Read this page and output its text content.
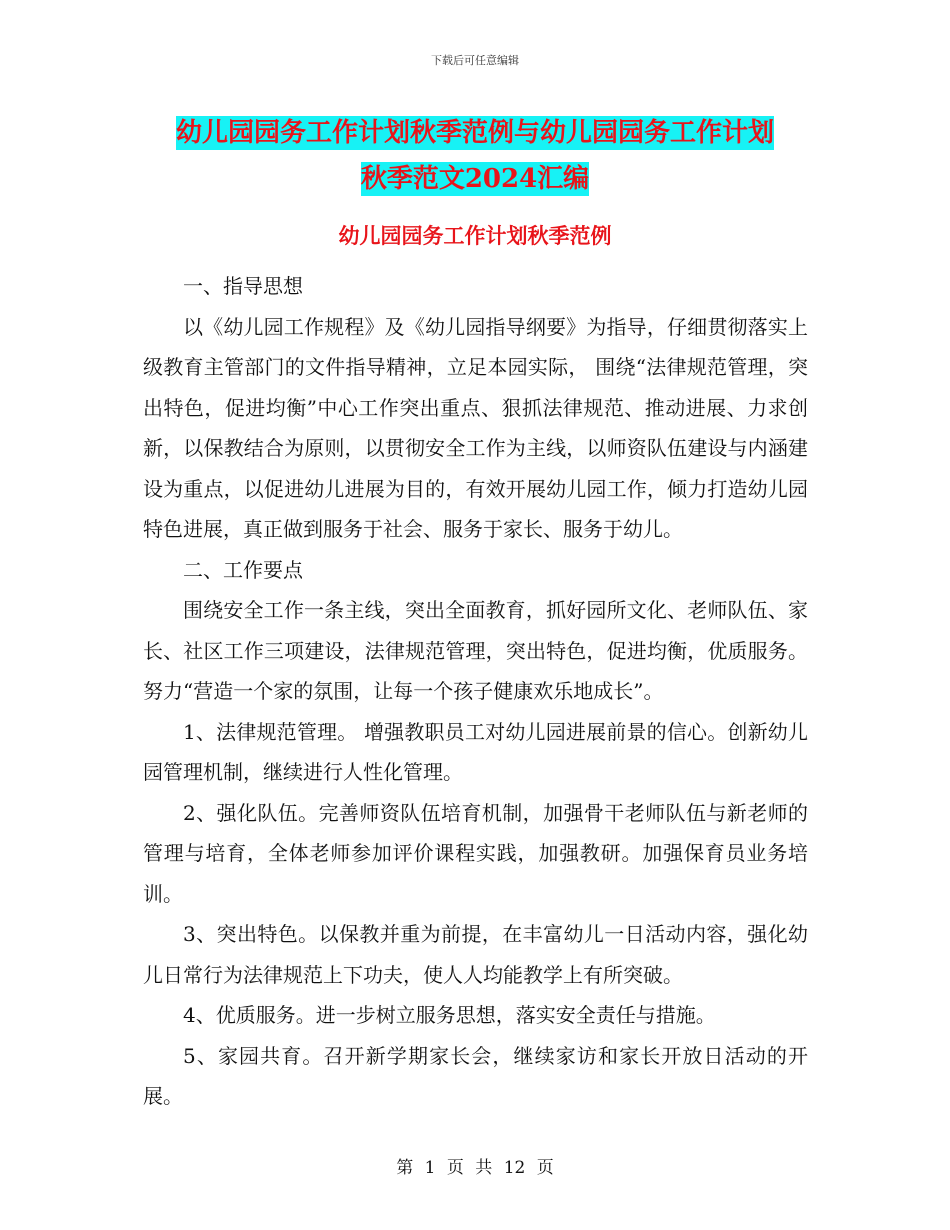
下载后可任意编辑
幼儿园园务工作计划秋季范例与幼儿园园务工作计划
秋季范文2024汇编
幼儿园园务工作计划秋季范例

一、指导思想

以《幼儿园工作规程》及《幼儿园指导纲要》为指导，仔细贯彻落实上级教育主管部门的文件指导精神，立足本园实际， 围绕“法律规范管理，突出特色，促进均衡”中心工作突出重点、狠抓法律规范、推动进展、力求创新，以保教结合为原则，以贯彻安全工作为主线，以师资队伍建设与内涵建设为重点，以促进幼儿进展为目的，有效开展幼儿园工作，倾力打造幼儿园特色进展，真正做到服务于社会、服务于家长、服务于幼儿。

二、工作要点

围绕安全工作一条主线，突出全面教育，抓好园所文化、老师队伍、家长、社区工作三项建设，法律规范管理，突出特色，促进均衡，优质服务。努力“营造一个家的氛围，让每一个孩子健康欢乐地成长”。

1、法律规范管理。 增强教职员工对幼儿园进展前景的信心。创新幼儿园管理机制，继续进行人性化管理。

2、强化队伍。完善师资队伍培育机制，加强骨干老师队伍与新老师的管理与培育，全体老师参加评价课程实践，加强教研。加强保育员业务培训。

3、突出特色。以保教并重为前提，在丰富幼儿一日活动内容，强化幼儿日常行为法律规范上下功夫，使人人均能教学上有所突破。

4、优质服务。进一步树立服务思想，落实安全责任与措施。

5、家园共育。召开新学期家长会，继续家访和家长开放日活动的开展。

第 1 页 共 12 页
